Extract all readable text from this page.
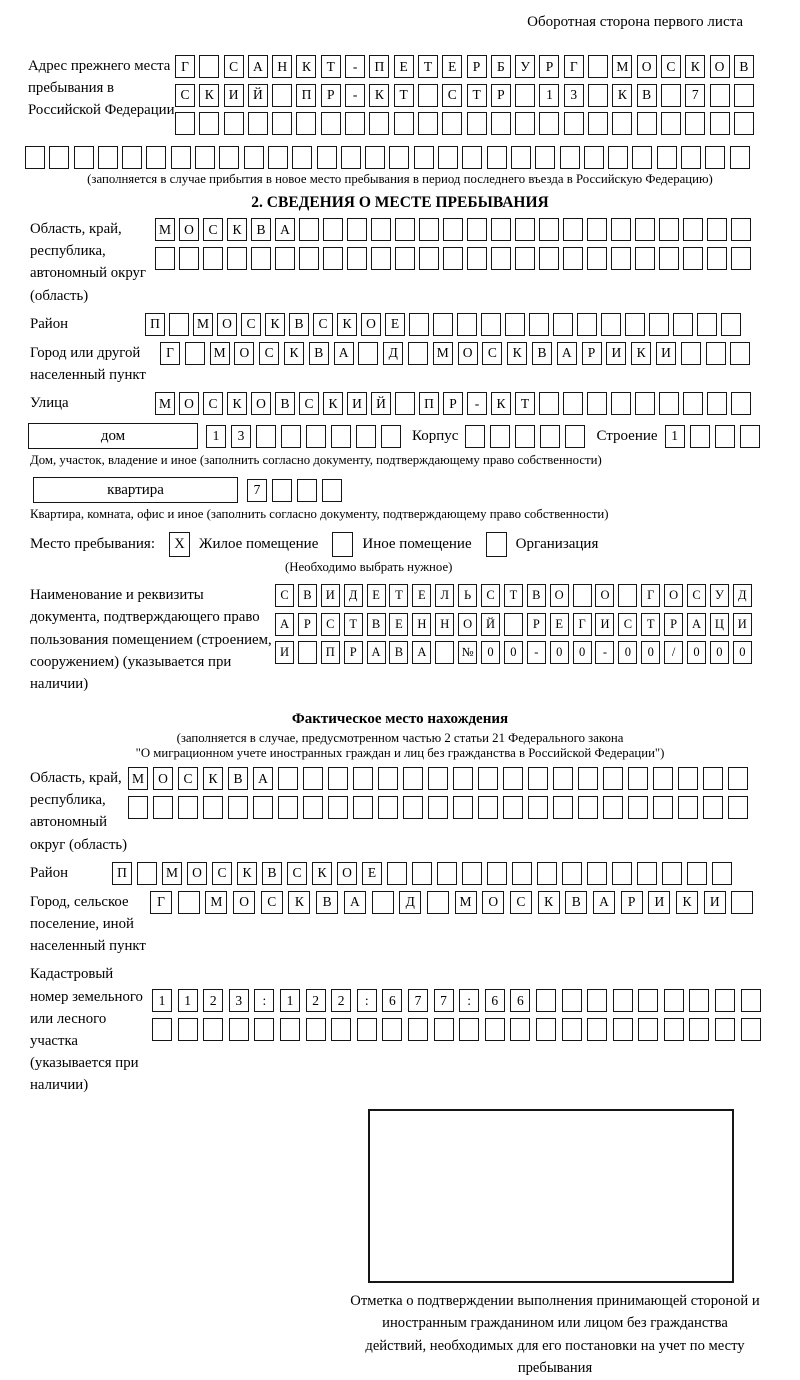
Оборотная сторона первого листа
Адрес прежнего места пребывания в Российской Федерации
Г	С	А	Н	К	Т	-	П	Е	Т	Е	Р	Б	У	Р	Г	М О	С	К	О	В
С	К	И	Й	П	Р	-	К	Т	С	Т	Р	1	3	К	В	7
(заполняется в случае прибытия в новое место пребывания в период последнего въезда в Российскую Федерацию)
2. СВЕДЕНИЯ О МЕСТЕ ПРЕБЫВАНИЯ
Область, край, республика, автономный округ (область)
М О	С	К	В	А
Район	П	М О	С	К	В	С	К	О	Е
Город или другой населенный пункт
Г	М	О	С	К	В	А	Д	М	О	С	К	В	А	Р	И	К	И
Улица	М О	С	К	О	В	С	К	И	Й	П	Р	-	К	Т
дом	1	3	Корпус	Строение	1
Дом, участок, владение и иное (заполнить согласно документу, подтверждающему право собственности)
квартира	7
Квартира, комната, офис и иное (заполнить согласно документу, подтверждающему право собственности)
Место пребывания:	X Жилое помещение	Иное помещение	Организация
(Необходимо выбрать нужное)
Наименование и реквизиты документа, подтверждающего право пользования помещением (строением, сооружением) (указывается при наличии)
С	В	И	Д	Е	Т	Е	Л	Ь	С	Т	В	О	О	Г	О	С	У	Д
А	Р	С	Т	В	Е	Н	Н	О	Й	Р	Е	Г	И	С	Т	Р	А	Ц	И
И	П	Р	А	В	А	№	0	0	-	0	0	-	0	0	/	0	0	0
Фактическое место нахождения
(заполняется в случае, предусмотренном частью 2 статьи 21 Федерального закона
"О миграционном учете иностранных граждан и лиц без гражданства в Российской Федерации")
Область, край, республика, автономный округ (область)
М	О	С	К	В	А
Район	П	М	О	С	К	В	С	К	О	Е
Город, сельское поселение, иной населенный пункт
Г	М	О	С	К	В	А	Д	М	О	С	К	В	А	Р	И	К	И
Кадастровый номер земельного или лесного участка (указывается при наличии)
1	1	2	3	:	1	2	2	:	6	7	7	:	6	6
Отметка о подтверждении выполнения принимающей стороной и иностранным гражданином или лицом без гражданства действий, необходимых для его постановки на учет по месту пребывания
